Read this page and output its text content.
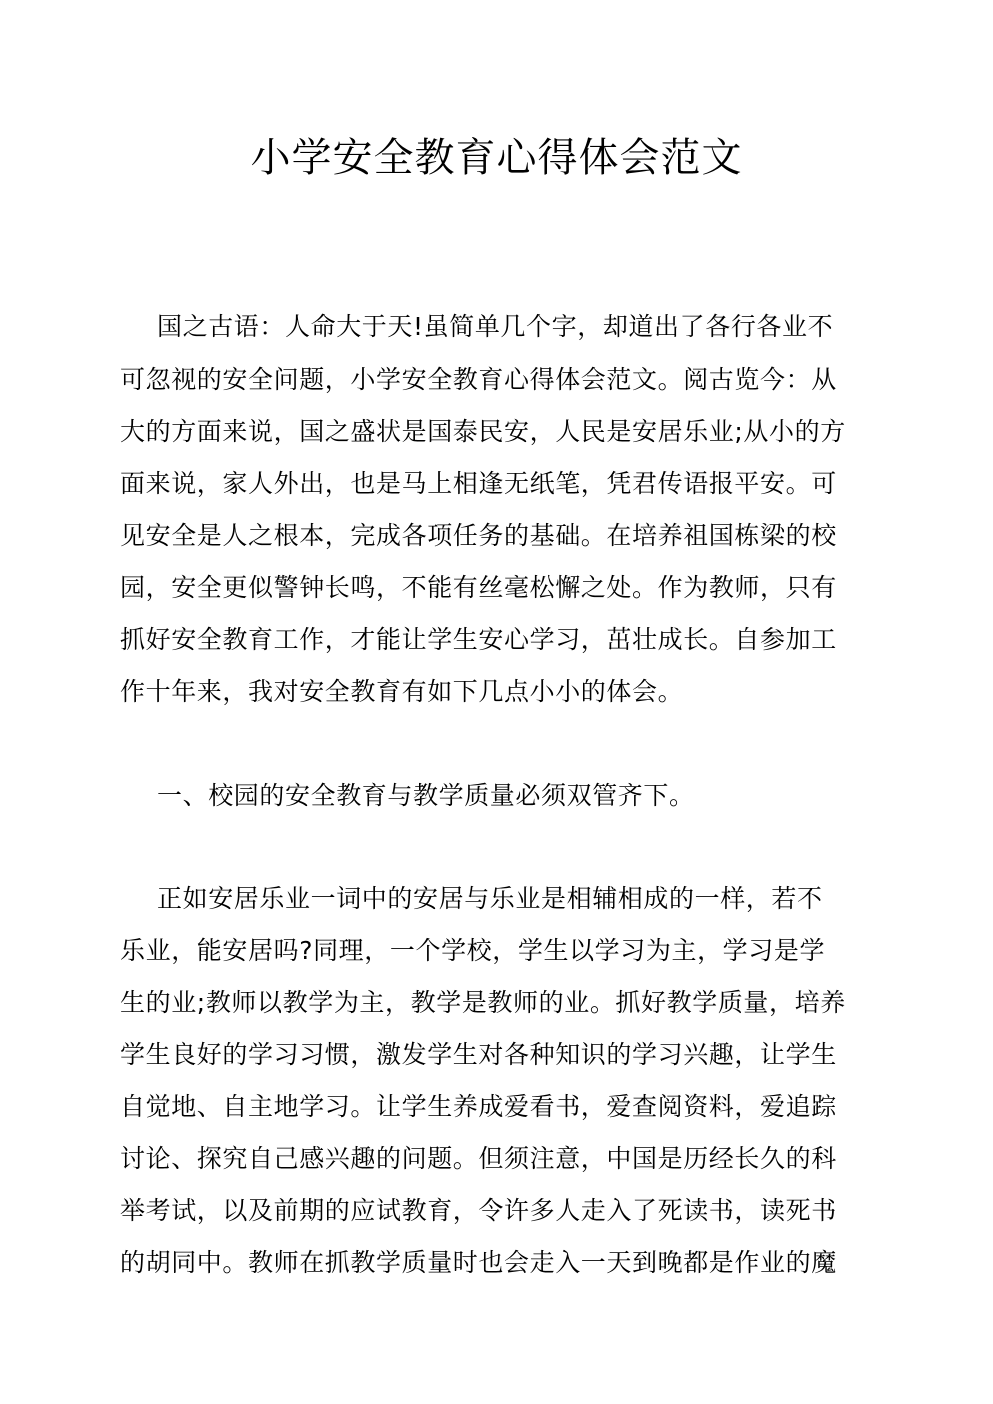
小学安全教育心得体会范文
国之古语：人命大于天!虽简单几个字，却道出了各行各业不
可忽视的安全问题，小学安全教育心得体会范文。阅古览今：从
大的方面来说，国之盛状是国泰民安，人民是安居乐业;从小的方
面来说，家人外出，也是马上相逢无纸笔，凭君传语报平安。可
见安全是人之根本，完成各项任务的基础。在培养祖国栋梁的校
园，安全更似警钟长鸣，不能有丝毫松懈之处。作为教师，只有
抓好安全教育工作，才能让学生安心学习，茁壮成长。自参加工
作十年来，我对安全教育有如下几点小小的体会。
一、校园的安全教育与教学质量必须双管齐下。
正如安居乐业一词中的安居与乐业是相辅相成的一样，若不
乐业，能安居吗?同理，一个学校，学生以学习为主，学习是学
生的业;教师以教学为主，教学是教师的业。抓好教学质量，培养
学生良好的学习习惯，激发学生对各种知识的学习兴趣，让学生
自觉地、自主地学习。让学生养成爱看书，爱查阅资料，爱追踪
讨论、探究自己感兴趣的问题。但须注意，中国是历经长久的科
举考试，以及前期的应试教育，令许多人走入了死读书，读死书
的胡同中。教师在抓教学质量时也会走入一天到晚都是作业的魔
